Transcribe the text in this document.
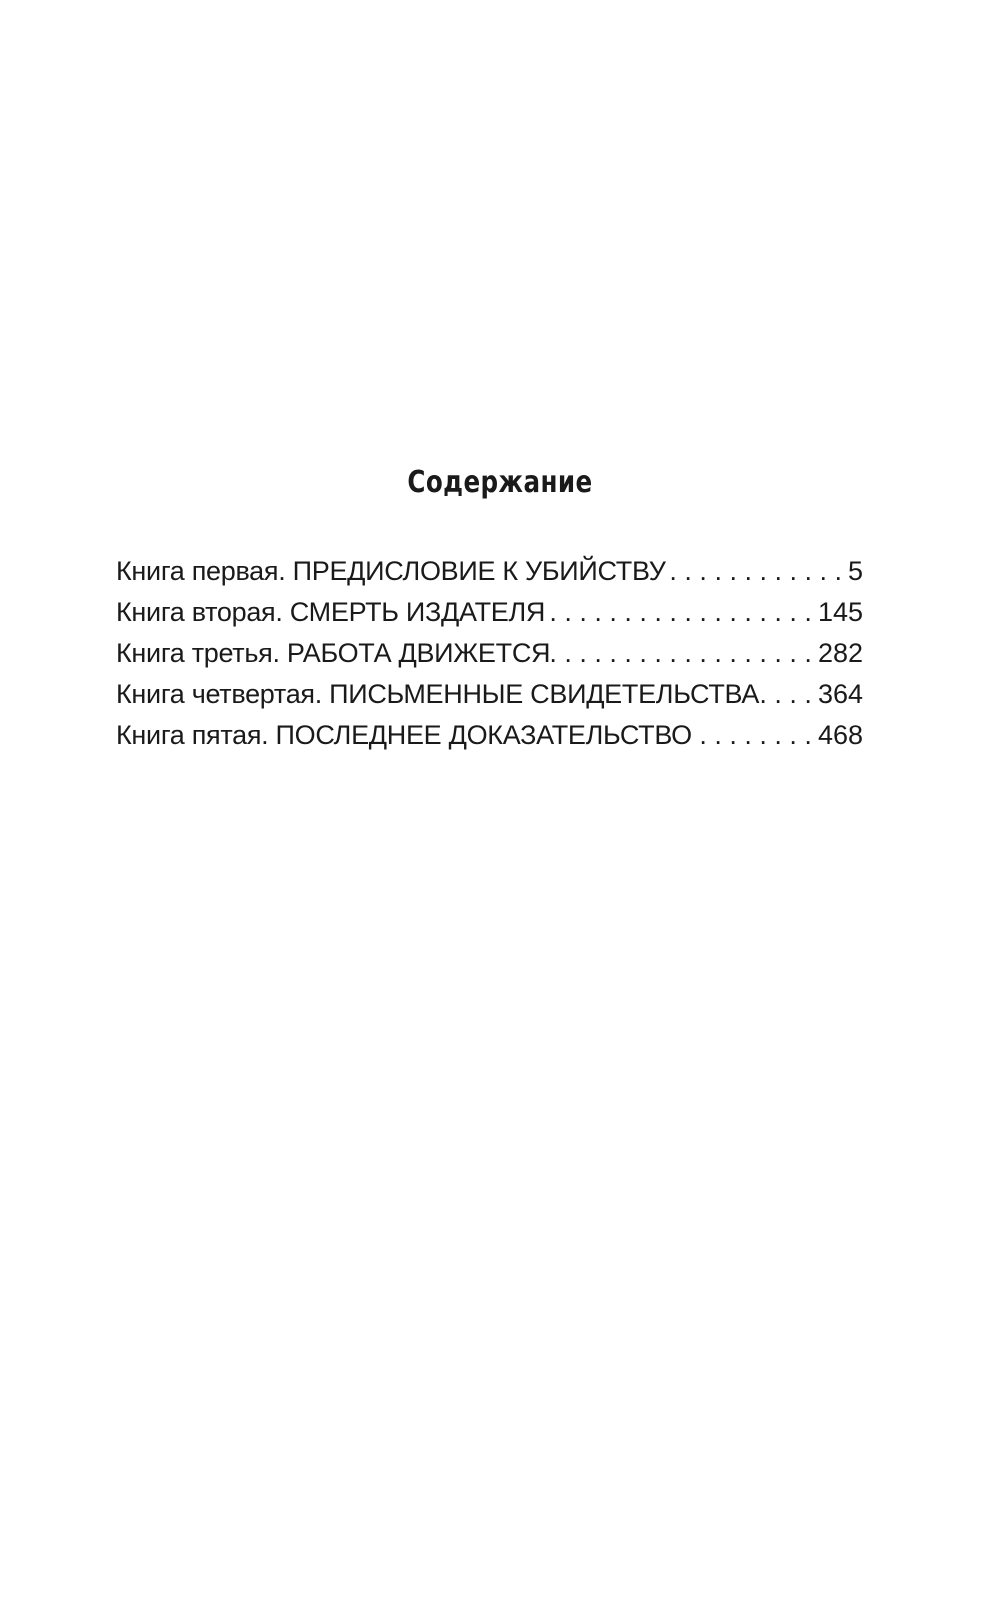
Содержание
Книга первая. ПРЕДИСЛОВИЕ К УБИЙСТВУ . . .	5
Книга вторая. СМЕРТЬ ИЗДАТЕЛЯ . . .	145
Книга третья. РАБОТА ДВИЖЕТСЯ . . .	282
Книга четвертая. ПИСЬМЕННЫЕ СВИДЕТЕЛЬСТВА . . . 364
Книга пятая. ПОСЛЕДНЕЕ ДОКАЗАТЕЛЬСТВО . . .	468
